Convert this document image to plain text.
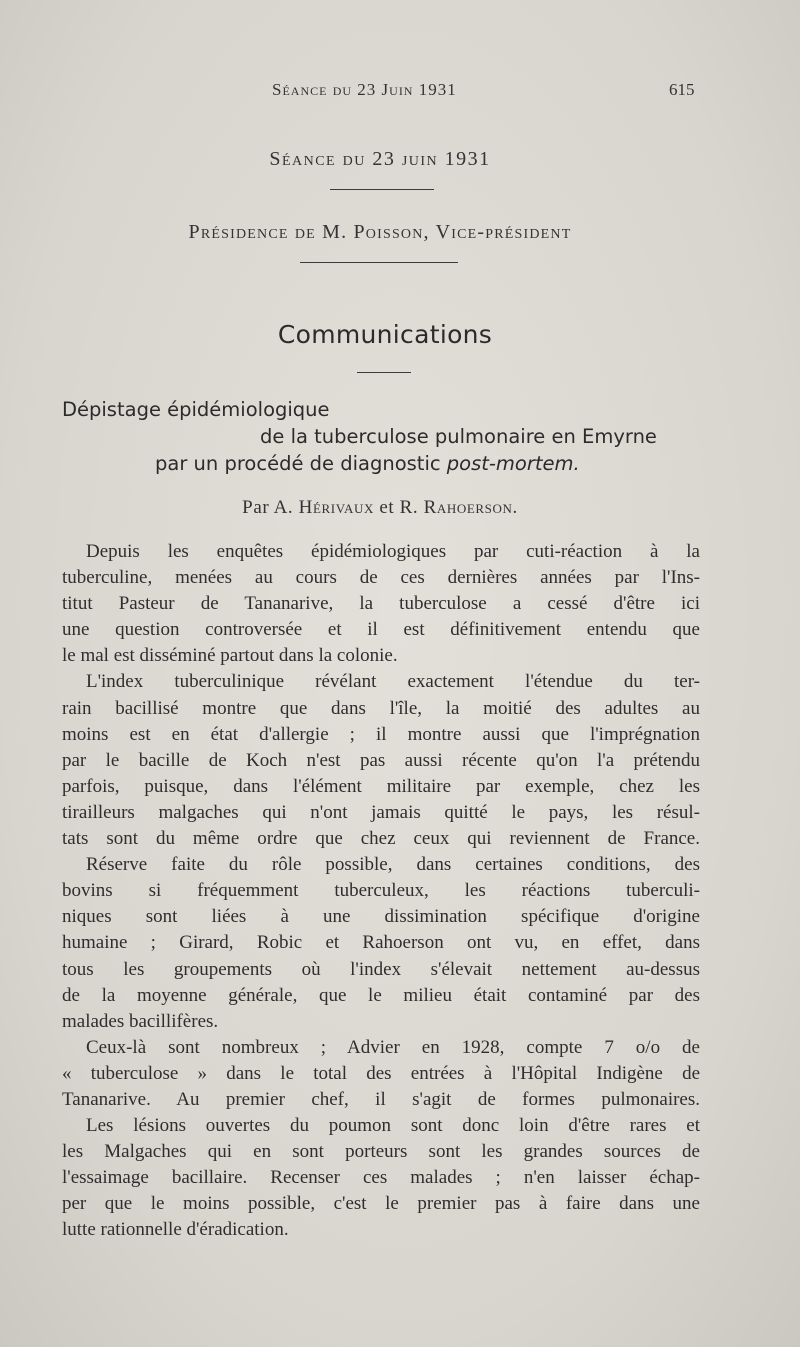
Séance du 23 Juin 1931	615
Séance du 23 juin 1931
Présidence de M. Poisson, Vice-président
Communications
Dépistage épidémiologique
de la tuberculose pulmonaire en Emyrne
par un procédé de diagnostic post-mortem.
Par A. Hérivaux et R. Rahoerson.
Depuis les enquêtes épidémiologiques par cuti-réaction à la
tuberculine, menées au cours de ces dernières années par l'Ins-
titut Pasteur de Tananarive, la tuberculose a cessé d'être ici
une question controversée et il est définitivement entendu que
le mal est disséminé partout dans la colonie.
L'index tuberculinique révélant exactement l'étendue du ter-
rain bacillisé montre que dans l'île, la moitié des adultes au
moins est en état d'allergie ; il montre aussi que l'imprégnation
par le bacille de Koch n'est pas aussi récente qu'on l'a prétendu
parfois, puisque, dans l'élément militaire par exemple, chez les
tirailleurs malgaches qui n'ont jamais quitté le pays, les résul-
tats sont du même ordre que chez ceux qui reviennent de France.
Réserve faite du rôle possible, dans certaines conditions, des
bovins si fréquemment tuberculeux, les réactions tuberculi-
niques sont liées à une dissimination spécifique d'origine
humaine ; Girard, Robic et Rahoerson ont vu, en effet, dans
tous les groupements où l'index s'élevait nettement au-dessus
de la moyenne générale, que le milieu était contaminé par des
malades bacillifères.
Ceux-là sont nombreux ; Advier en 1928, compte 7 o/o de
« tuberculose » dans le total des entrées à l'Hôpital Indigène de
Tananarive. Au premier chef, il s'agit de formes pulmonaires.
Les lésions ouvertes du poumon sont donc loin d'être rares et
les Malgaches qui en sont porteurs sont les grandes sources de
l'essaimage bacillaire. Recenser ces malades ; n'en laisser échap-
per que le moins possible, c'est le premier pas à faire dans une
lutte rationnelle d'éradication.
